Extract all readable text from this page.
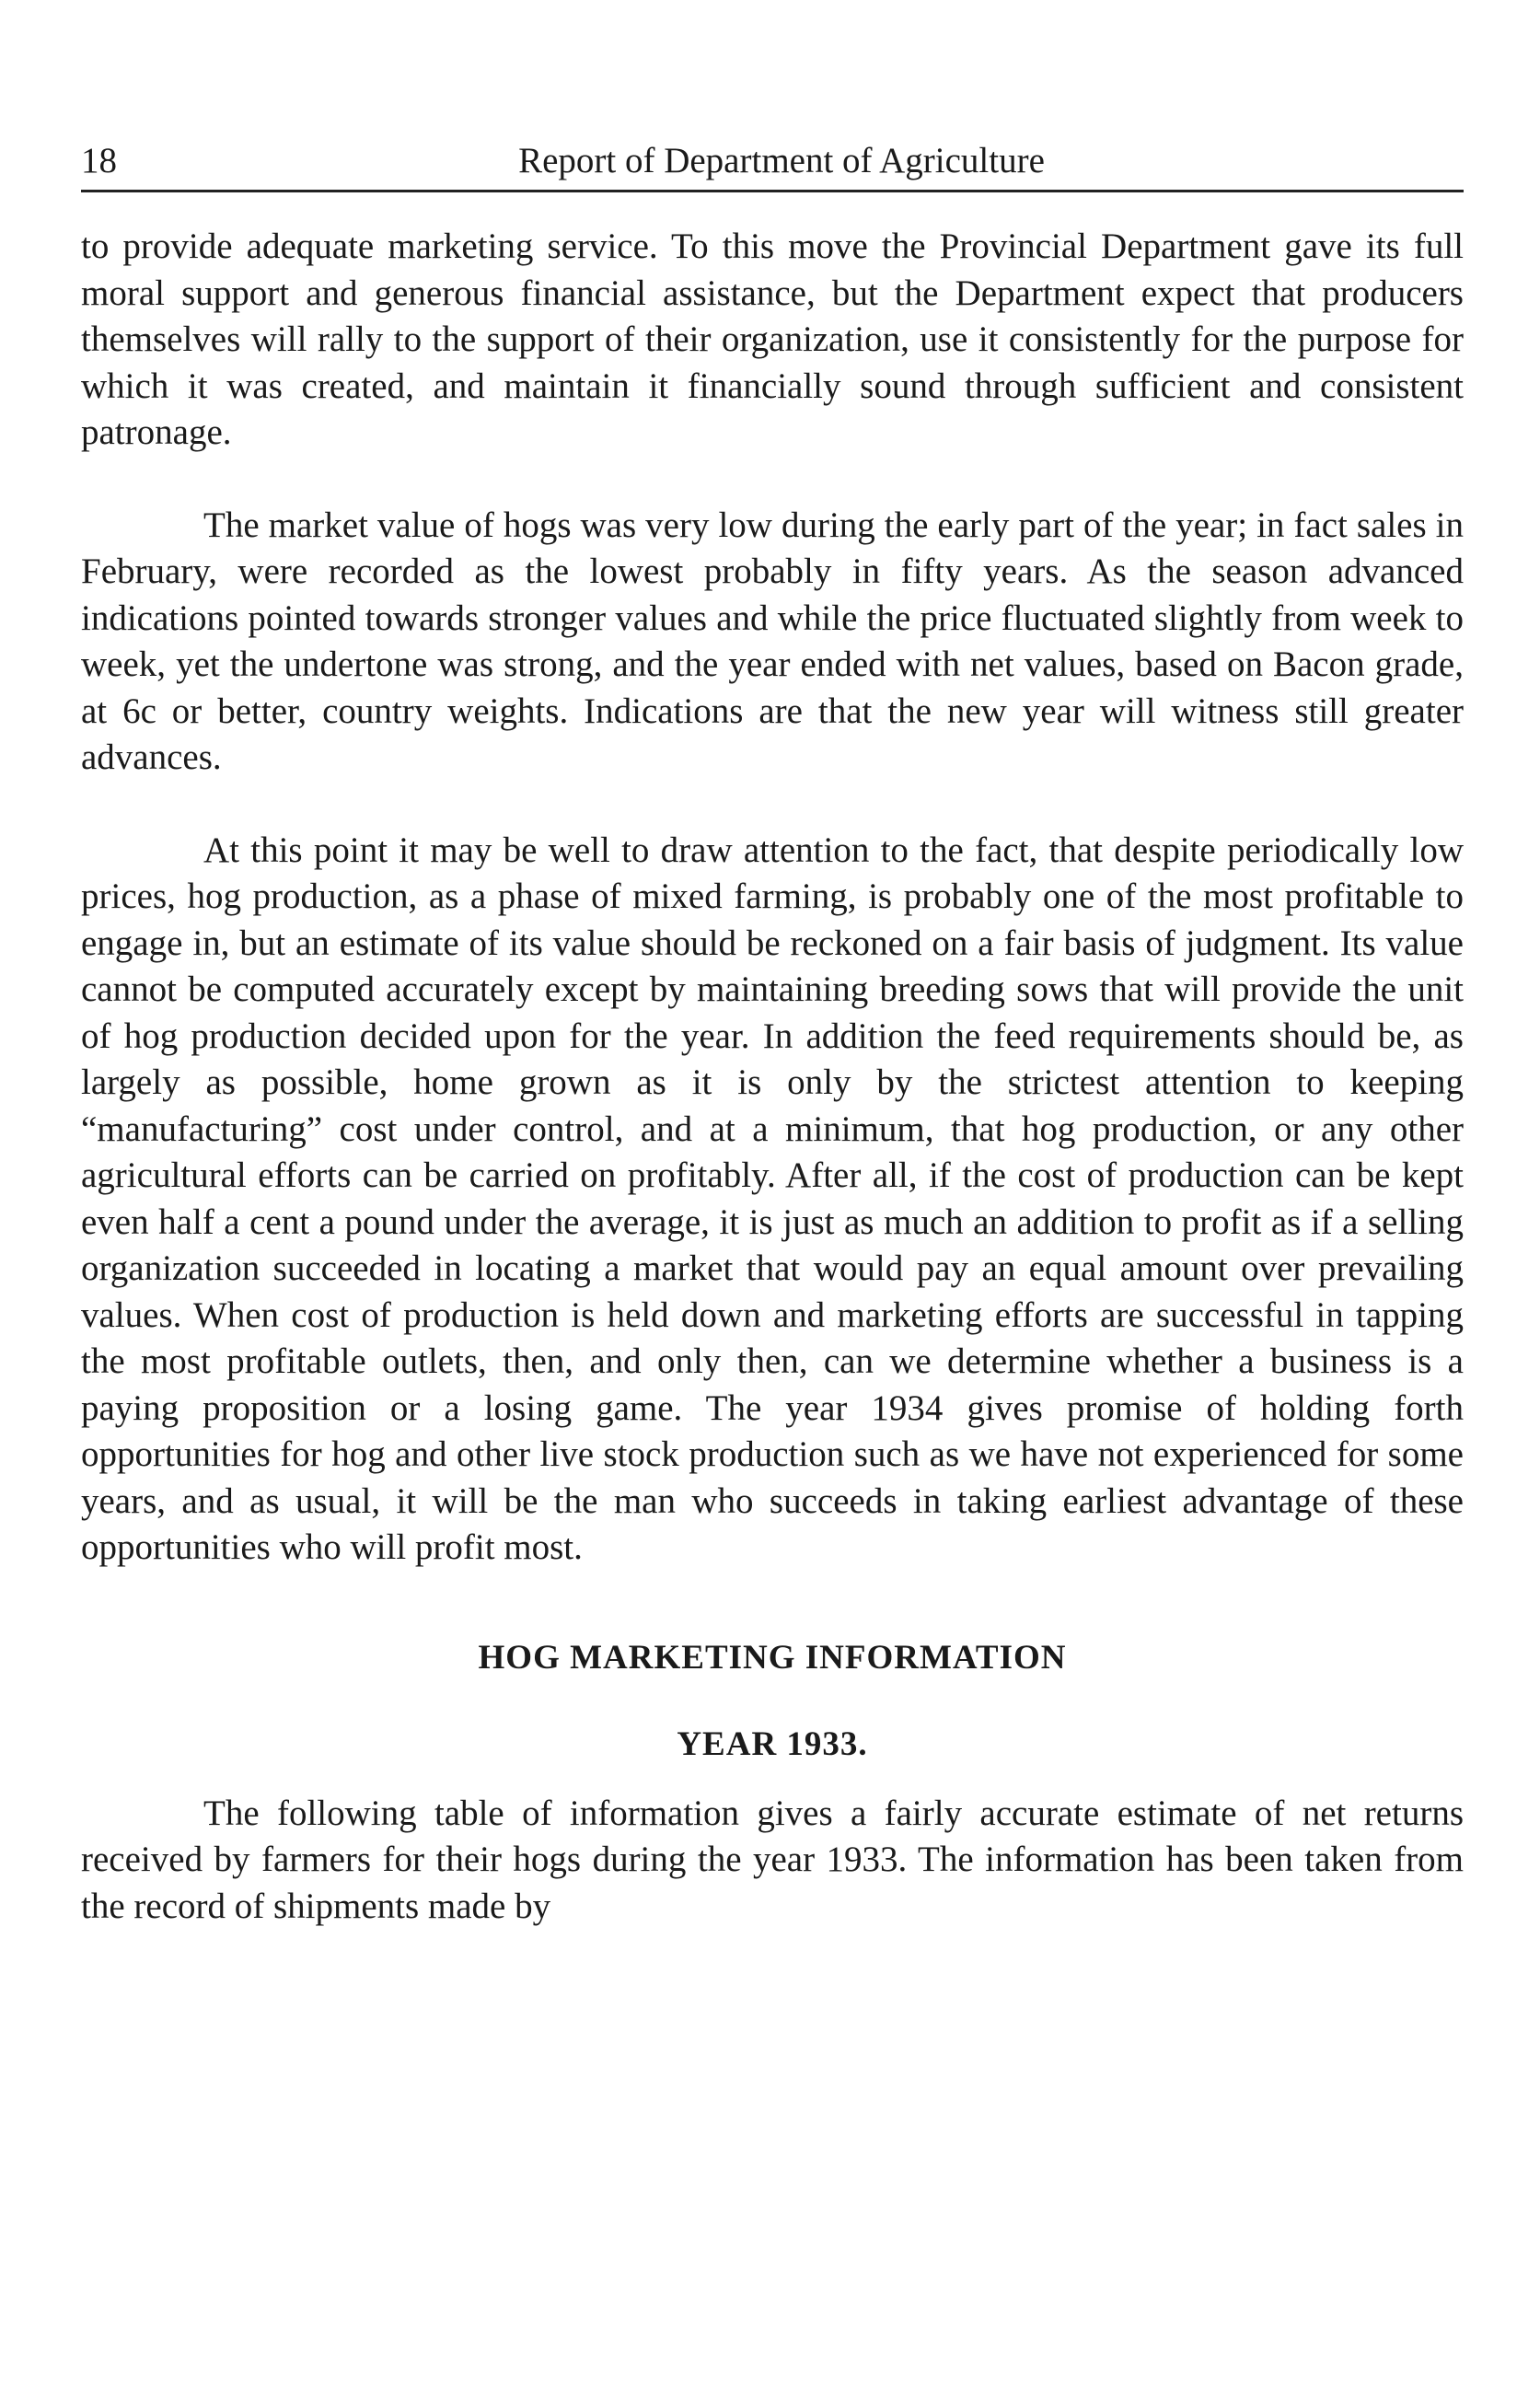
18	Report of Department of Agriculture

to provide adequate marketing service. To this move the Provincial Department gave its full moral support and generous financial assistance, but the Department expect that producers themselves will rally to the support of their organization, use it consistently for the purpose for which it was created, and maintain it financially sound through sufficient and consistent patronage.

The market value of hogs was very low during the early part of the year; in fact sales in February, were recorded as the lowest probably in fifty years. As the season advanced indications pointed towards stronger values and while the price fluctuated slightly from week to week, yet the undertone was strong, and the year ended with net values, based on Bacon grade, at 6c or better, country weights. Indications are that the new year will witness still greater advances.

At this point it may be well to draw attention to the fact, that despite periodically low prices, hog production, as a phase of mixed farming, is probably one of the most profitable to engage in, but an estimate of its value should be reckoned on a fair basis of judgment. Its value cannot be computed accurately except by maintaining breeding sows that will provide the unit of hog production decided upon for the year. In addition the feed requirements should be, as largely as possible, home grown as it is only by the strictest attention to keeping “manufacturing” cost under control, and at a minimum, that hog production, or any other agricultural efforts can be carried on profitably. After all, if the cost of production can be kept even half a cent a pound under the average, it is just as much an addition to profit as if a selling organization succeeded in locating a market that would pay an equal amount over prevailing values. When cost of production is held down and marketing efforts are successful in tapping the most profitable outlets, then, and only then, can we determine whether a business is a paying proposition or a losing game. The year 1934 gives promise of holding forth opportunities for hog and other live stock production such as we have not experienced for some years, and as usual, it will be the man who succeeds in taking earliest advantage of these opportunities who will profit most.

HOG MARKETING INFORMATION
YEAR 1933.

The following table of information gives a fairly accurate estimate of net returns received by farmers for their hogs during the year 1933. The information has been taken from the record of shipments made by
